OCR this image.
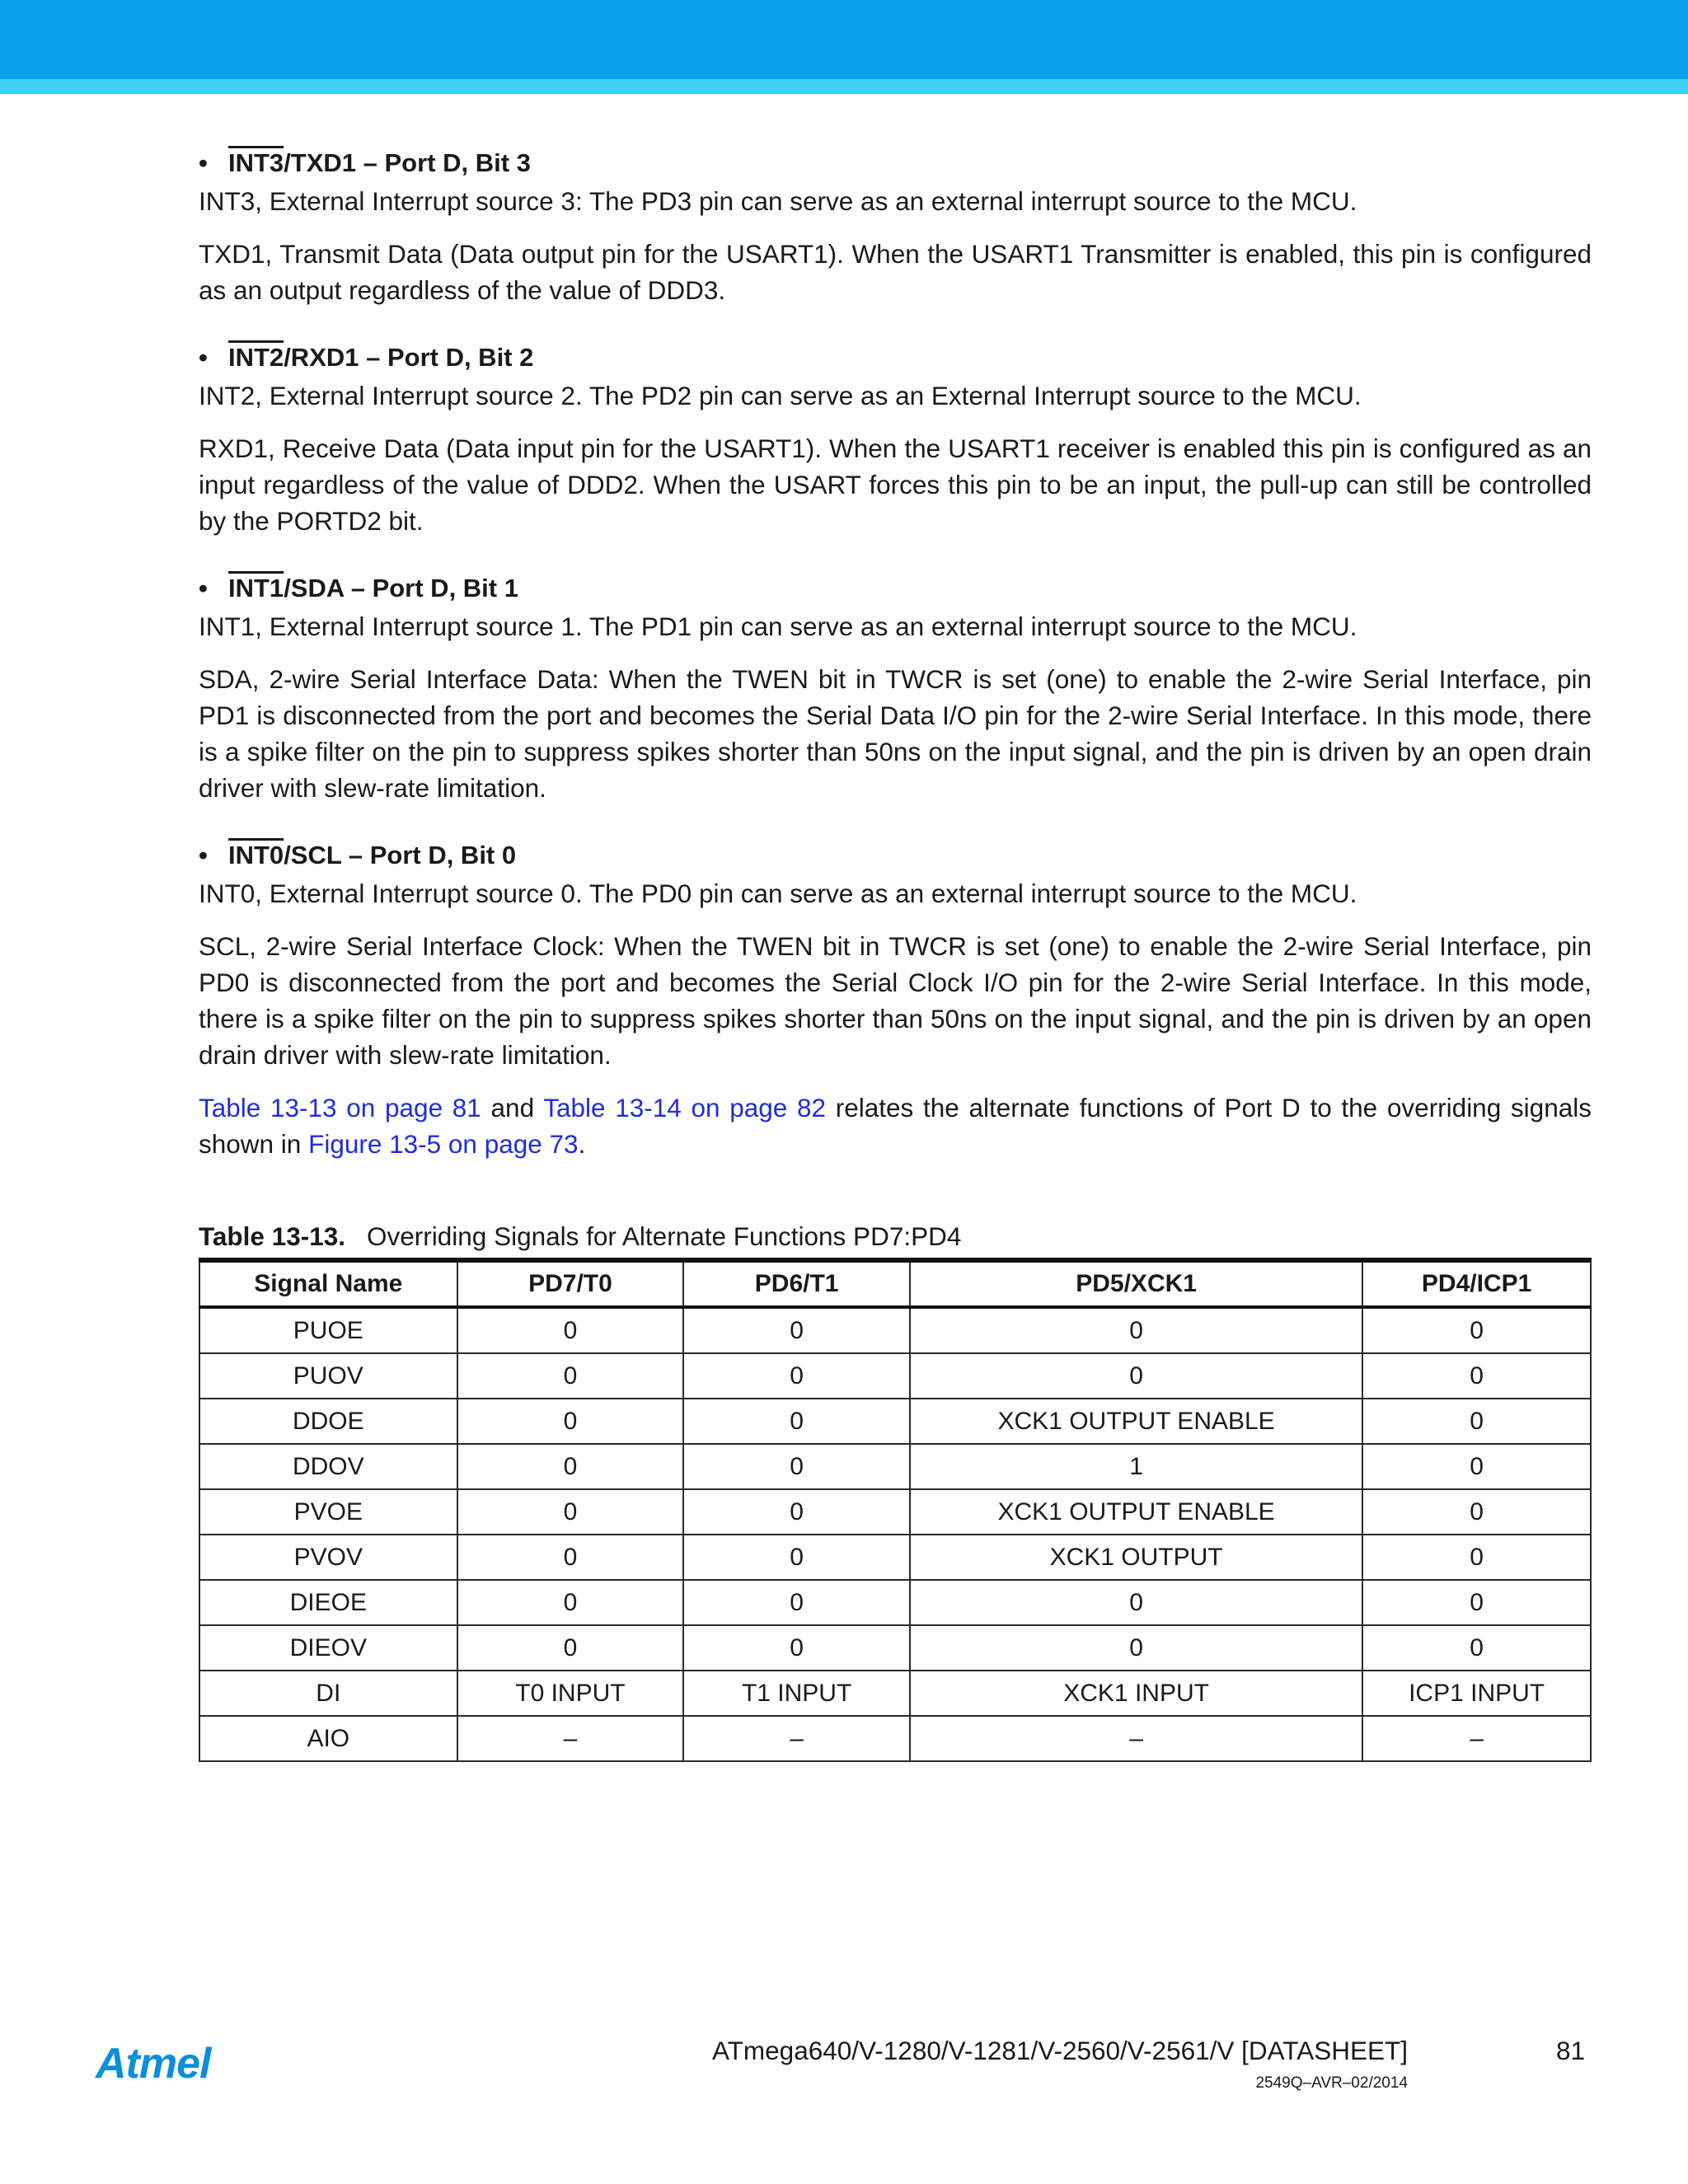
• INT3/TXD1 – Port D, Bit 3

INT3, External Interrupt source 3: The PD3 pin can serve as an external interrupt source to the MCU.

TXD1, Transmit Data (Data output pin for the USART1). When the USART1 Transmitter is enabled, this pin is configured as an output regardless of the value of DDD3.

• INT2/RXD1 – Port D, Bit 2

INT2, External Interrupt source 2. The PD2 pin can serve as an External Interrupt source to the MCU.

RXD1, Receive Data (Data input pin for the USART1). When the USART1 receiver is enabled this pin is configured as an input regardless of the value of DDD2. When the USART forces this pin to be an input, the pull-up can still be controlled by the PORTD2 bit.

• INT1/SDA – Port D, Bit 1

INT1, External Interrupt source 1. The PD1 pin can serve as an external interrupt source to the MCU.

SDA, 2-wire Serial Interface Data: When the TWEN bit in TWCR is set (one) to enable the 2-wire Serial Interface, pin PD1 is disconnected from the port and becomes the Serial Data I/O pin for the 2-wire Serial Interface. In this mode, there is a spike filter on the pin to suppress spikes shorter than 50ns on the input signal, and the pin is driven by an open drain driver with slew-rate limitation.

• INT0/SCL – Port D, Bit 0

INT0, External Interrupt source 0. The PD0 pin can serve as an external interrupt source to the MCU.

SCL, 2-wire Serial Interface Clock: When the TWEN bit in TWCR is set (one) to enable the 2-wire Serial Interface, pin PD0 is disconnected from the port and becomes the Serial Clock I/O pin for the 2-wire Serial Interface. In this mode, there is a spike filter on the pin to suppress spikes shorter than 50ns on the input signal, and the pin is driven by an open drain driver with slew-rate limitation.

Table 13-13 on page 81 and Table 13-14 on page 82 relates the alternate functions of Port D to the overriding signals shown in Figure 13-5 on page 73.

Table 13-13. Overriding Signals for Alternate Functions PD7:PD4
Signal Name	PD7/T0	PD6/T1	PD5/XCK1	PD4/ICP1
PUOE	0	0	0	0
PUOV	0	0	0	0
DDOE	0	0	XCK1 OUTPUT ENABLE	0
DDOV	0	0	1	0
PVOE	0	0	XCK1 OUTPUT ENABLE	0
PVOV	0	0	XCK1 OUTPUT	0
DIEOE	0	0	0	0
DIEOV	0	0	0	0
DI	T0 INPUT	T1 INPUT	XCK1 INPUT	ICP1 INPUT
AIO	–	–	–	–
Atmel	ATmega640/V-1280/V-1281/V-2560/V-2561/V [DATASHEET]	81
2549Q–AVR–02/2014
